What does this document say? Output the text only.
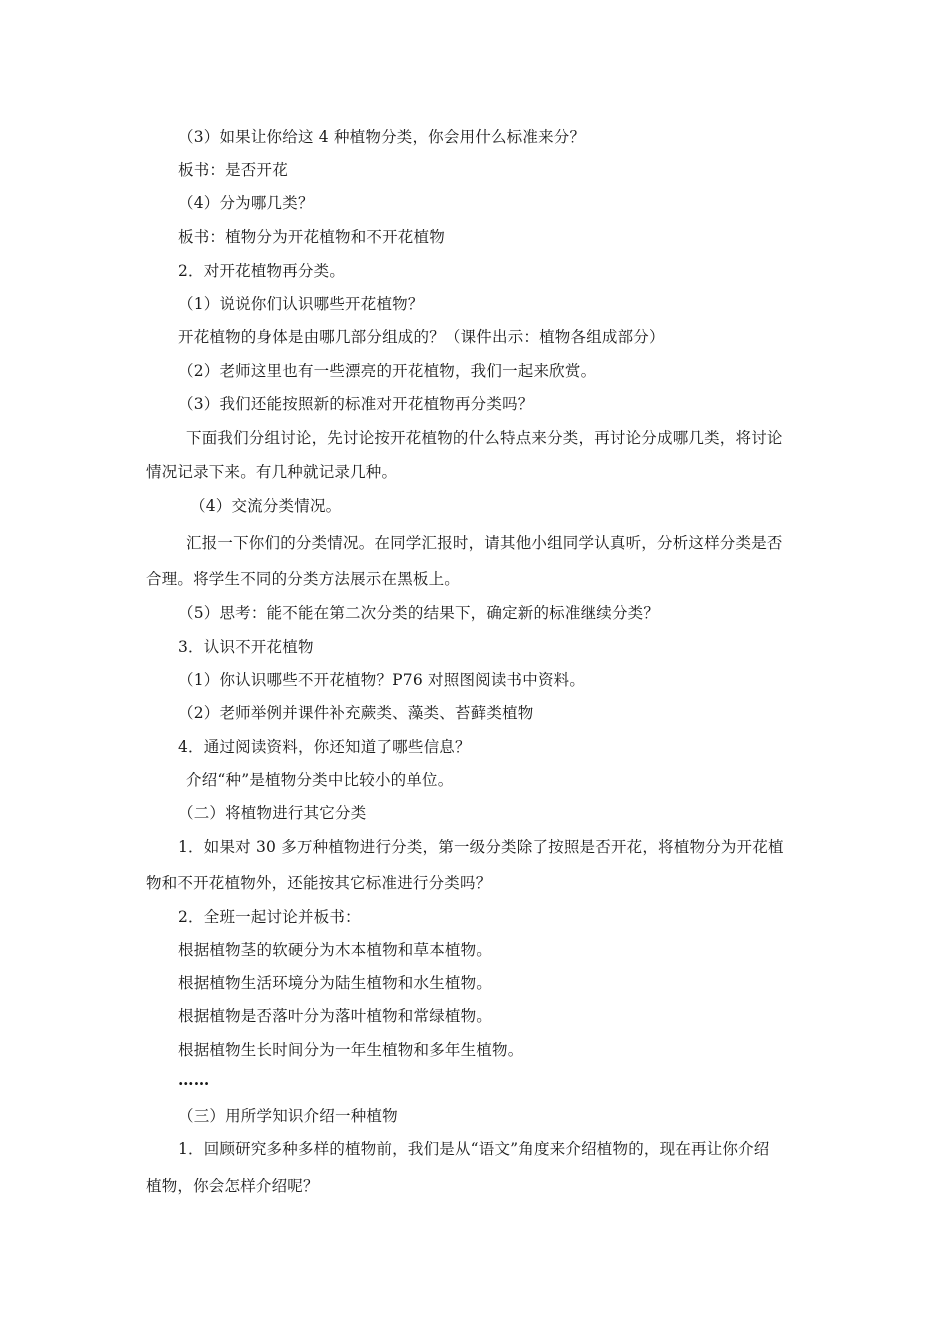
（3）如果让你给这 4 种植物分类，你会用什么标准来分？
板书：是否开花
（4）分为哪几类？
板书：植物分为开花植物和不开花植物
2．对开花植物再分类。
（1）说说你们认识哪些开花植物？
开花植物的身体是由哪几部分组成的？（课件出示：植物各组成部分）
（2）老师这里也有一些漂亮的开花植物，我们一起来欣赏。
（3）我们还能按照新的标准对开花植物再分类吗？
下面我们分组讨论，先讨论按开花植物的什么特点来分类，再讨论分成哪几类，将讨论
情况记录下来。有几种就记录几种。
（4）交流分类情况。
汇报一下你们的分类情况。在同学汇报时，请其他小组同学认真听，分析这样分类是否
合理。将学生不同的分类方法展示在黑板上。
（5）思考：能不能在第二次分类的结果下，确定新的标准继续分类？
3．认识不开花植物
（1）你认识哪些不开花植物？P76 对照图阅读书中资料。
（2）老师举例并课件补充蕨类、藻类、苔藓类植物
4．通过阅读资料，你还知道了哪些信息？
介绍“种”是植物分类中比较小的单位。
（二）将植物进行其它分类
1．如果对 30 多万种植物进行分类，第一级分类除了按照是否开花，将植物分为开花植
物和不开花植物外，还能按其它标准进行分类吗？
2．全班一起讨论并板书：
根据植物茎的软硬分为木本植物和草本植物。
根据植物生活环境分为陆生植物和水生植物。
根据植物是否落叶分为落叶植物和常绿植物。
根据植物生长时间分为一年生植物和多年生植物。
……
（三）用所学知识介绍一种植物
1．回顾研究多种多样的植物前，我们是从“语文”角度来介绍植物的，现在再让你介绍
植物，你会怎样介绍呢？
